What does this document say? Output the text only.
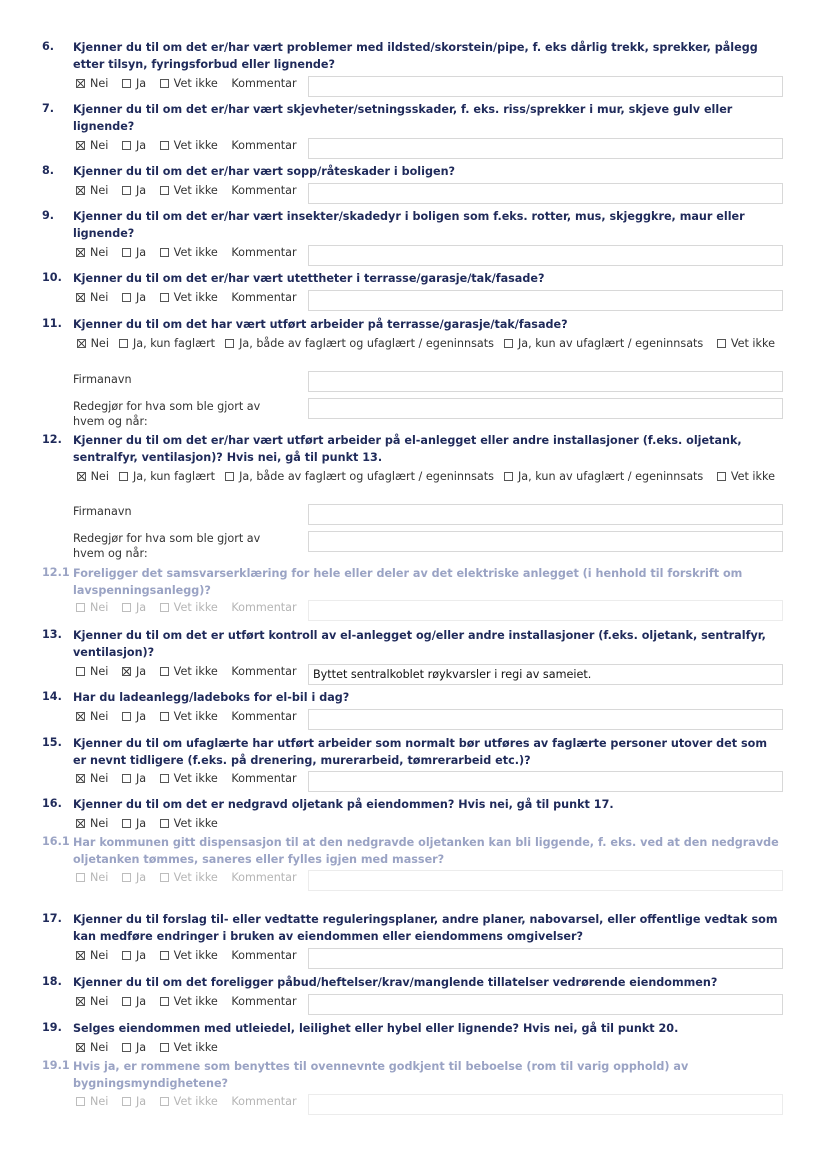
6. Kjenner du til om det er/har vært problemer med ildsted/skorstein/pipe, f. eks dårlig trekk, sprekker, pålegg etter tilsyn, fyringsforbud eller lignende?
Nei Ja Vet ikke Kommentar
7. Kjenner du til om det er/har vært skjevheter/setningsskader, f. eks. riss/sprekker i mur, skjeve gulv eller lignende?
Nei Ja Vet ikke Kommentar
8. Kjenner du til om det er/har vært sopp/råteskader i boligen?
Nei Ja Vet ikke Kommentar
9. Kjenner du til om det er/har vært insekter/skadedyr i boligen som f.eks. rotter, mus, skjeggkre, maur eller lignende?
Nei Ja Vet ikke Kommentar
10. Kjenner du til om det er/har vært utettheter i terrasse/garasje/tak/fasade?
Nei Ja Vet ikke Kommentar
11. Kjenner du til om det har vært utført arbeider på terrasse/garasje/tak/fasade?
Nei Ja, kun faglært Ja, både av faglært og ufaglært / egeninnsats Ja, kun av ufaglært / egeninnsats Vet ikke
Firmanavn
Redegjør for hva som ble gjort av hvem og når:
12. Kjenner du til om det er/har vært utført arbeider på el-anlegget eller andre installasjoner (f.eks. oljetank, sentralfyr, ventilasjon)? Hvis nei, gå til punkt 13.
Nei Ja, kun faglært Ja, både av faglært og ufaglært / egeninnsats Ja, kun av ufaglært / egeninnsats Vet ikke
Firmanavn
Redegjør for hva som ble gjort av hvem og når:
12.1 Foreligger det samsvarserklæring for hele eller deler av det elektriske anlegget (i henhold til forskrift om lavspenningsanlegg)?
Nei Ja Vet ikke Kommentar
13. Kjenner du til om det er utført kontroll av el-anlegget og/eller andre installasjoner (f.eks. oljetank, sentralfyr, ventilasjon)?
Nei Ja Vet ikke Kommentar	Byttet sentralkoblet røykvarsler i regi av sameiet.
14. Har du ladeanlegg/ladeboks for el-bil i dag?
Nei Ja Vet ikke Kommentar
15. Kjenner du til om ufaglærte har utført arbeider som normalt bør utføres av faglærte personer utover det som er nevnt tidligere (f.eks. på drenering, murerarbeid, tømrerarbeid etc.)?
Nei Ja Vet ikke Kommentar
16. Kjenner du til om det er nedgravd oljetank på eiendommen? Hvis nei, gå til punkt 17.
Nei Ja Vet ikke
16.1 Har kommunen gitt dispensasjon til at den nedgravde oljetanken kan bli liggende, f. eks. ved at den nedgravde oljetanken tømmes, saneres eller fylles igjen med masser?
Nei Ja Vet ikke Kommentar
17. Kjenner du til forslag til- eller vedtatte reguleringsplaner, andre planer, nabovarsel, eller offentlige vedtak som kan medføre endringer i bruken av eiendommen eller eiendommens omgivelser?
Nei Ja Vet ikke Kommentar
18. Kjenner du til om det foreligger påbud/heftelser/krav/manglende tillatelser vedrørende eiendommen?
Nei Ja Vet ikke Kommentar
19. Selges eiendommen med utleiedel, leilighet eller hybel eller lignende? Hvis nei, gå til punkt 20.
Nei Ja Vet ikke
19.1 Hvis ja, er rommene som benyttes til ovennevnte godkjent til beboelse (rom til varig opphold) av bygningsmyndighetene?
Nei Ja Vet ikke Kommentar
